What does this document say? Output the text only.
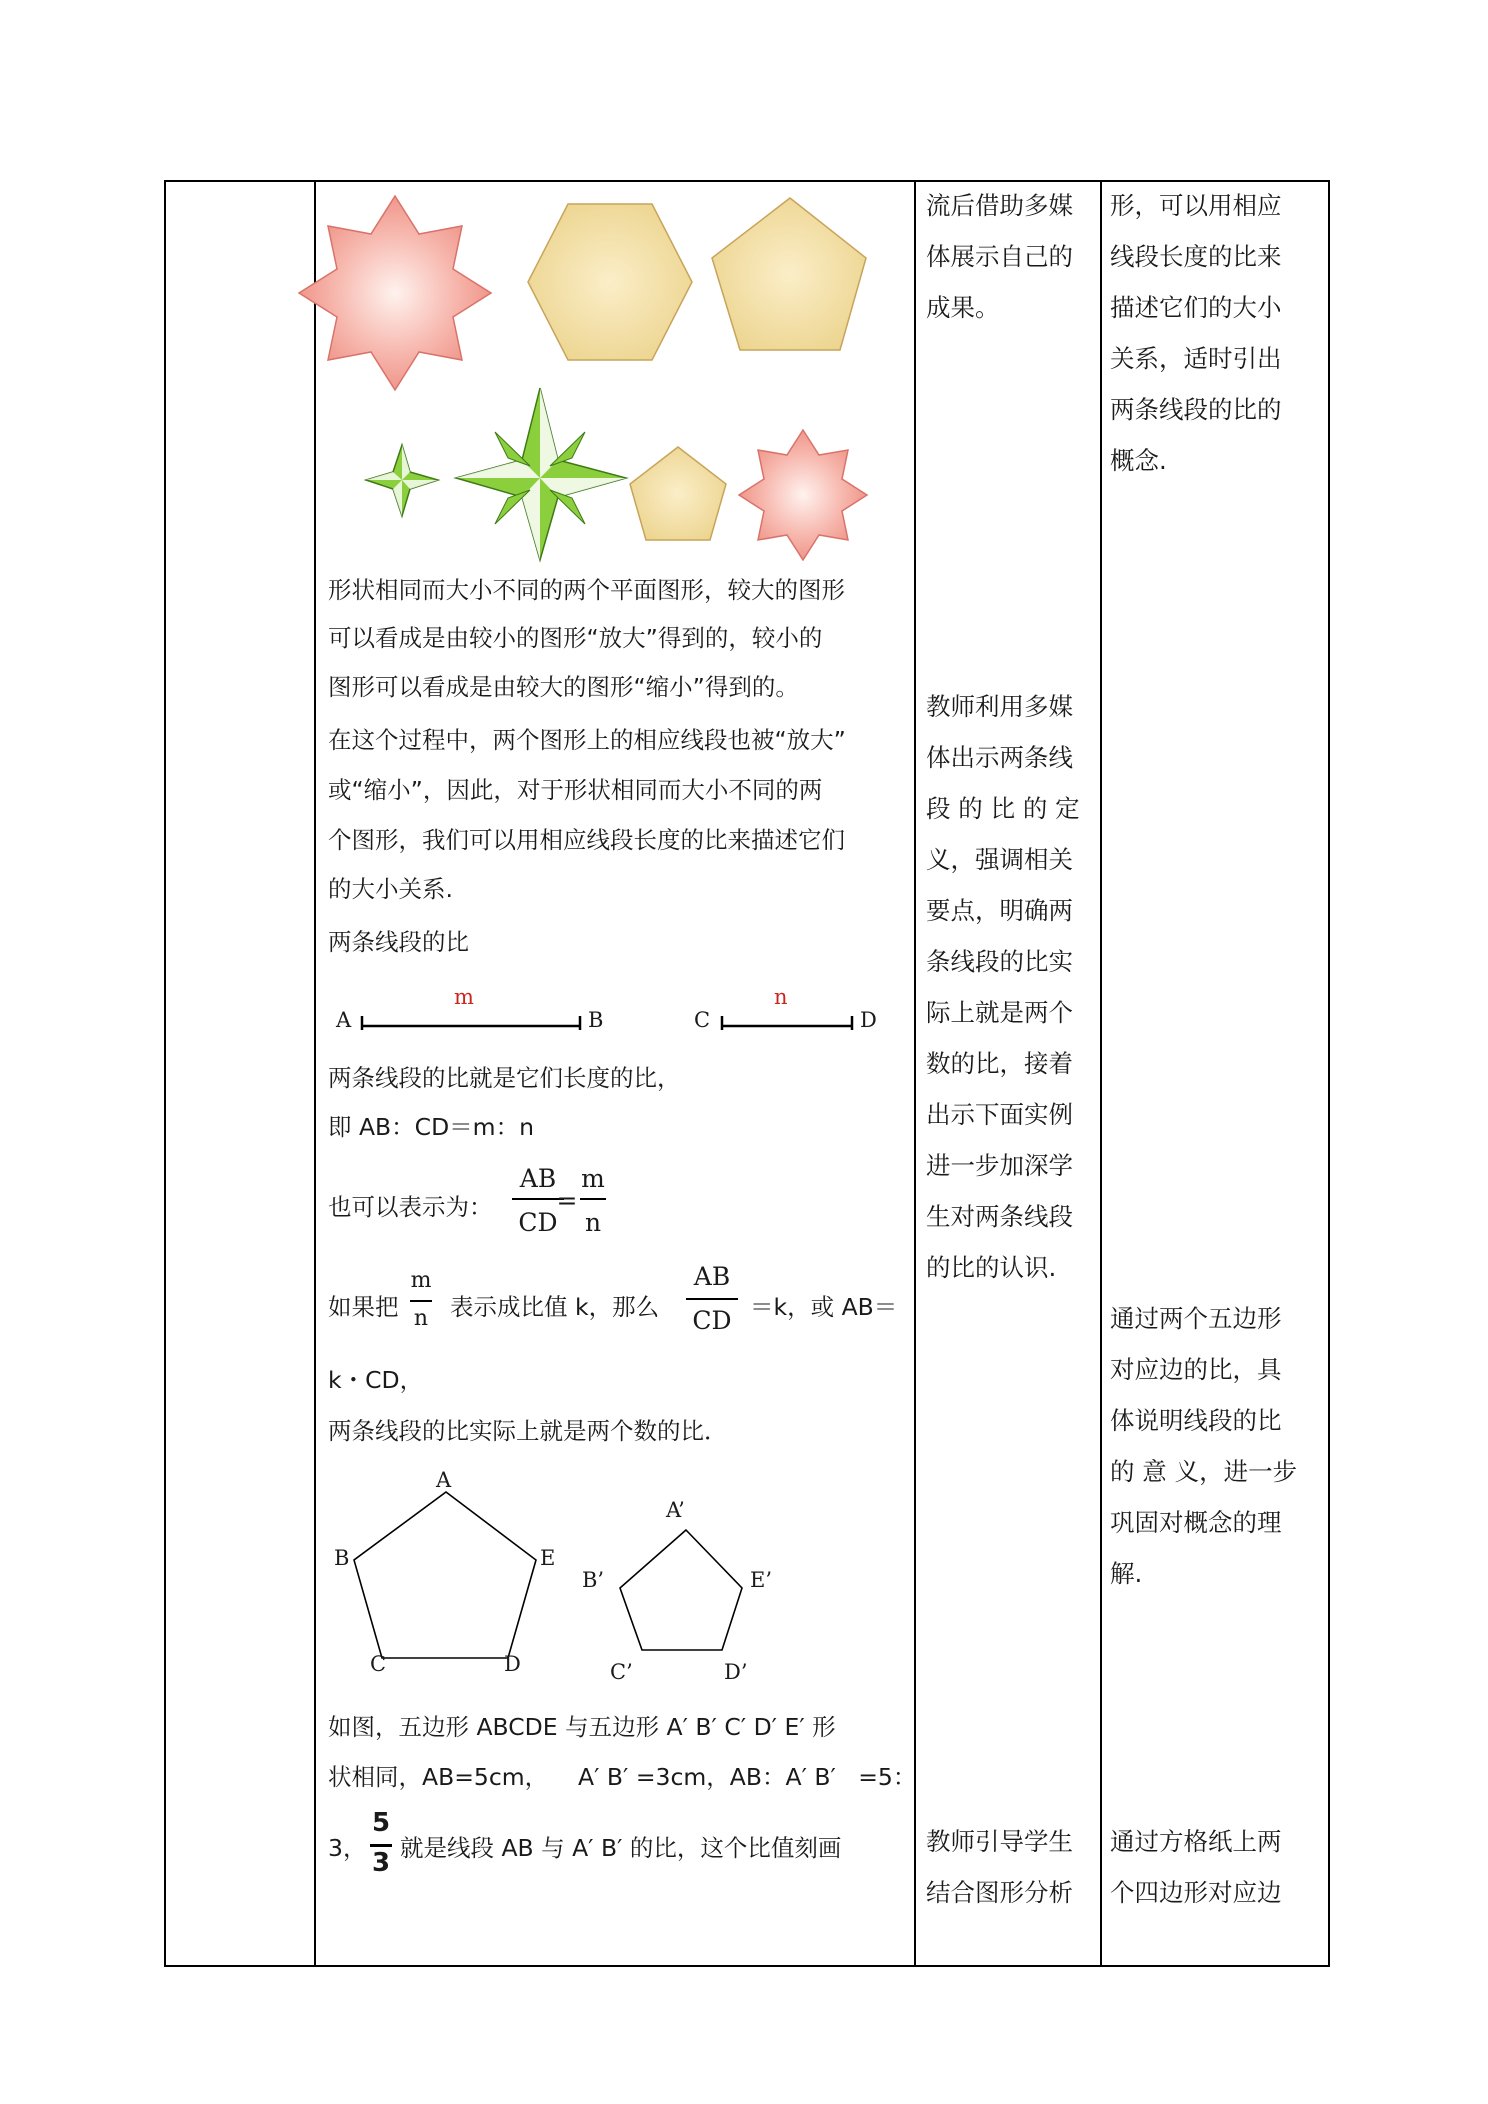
形状相同而大小不同的两个平面图形，较大的图形
可以看成是由较小的图形“放大”得到的，较小的
图形可以看成是由较大的图形“缩小”得到的。
在这个过程中，两个图形上的相应线段也被“放大”
或“缩小”，因此，对于形状相同而大小不同的两
个图形，我们可以用相应线段长度的比来描述它们
的大小关系.
两条线段的比
A
m
B	C
n
D
两条线段的比就是它们长度的比，
即 AB：CD＝m：n
也可以表示为：
AB
CD
=
m
n
如果把
m
n 表示成比值 k，那么
AB
CD ＝k，或 AB＝
k・CD，
两条线段的比实际上就是两个数的比．
A
B	E
C	D
A’
B’	E’
C’	D’
如图，五边形 ABCDE 与五边形 A′ B′ C′ D′ E′ 形
状相同，AB=5cm，    A′ B′ =3cm，AB：A′ B′   =5：
3，
5
3 就是线段 AB 与 A′ B′ 的比，这个比值刻画
流后借助多媒
体展示自己的
成果。
教师利用多媒
体出示两条线
段 的 比 的 定
义，强调相关
要点，明确两
条线段的比实
际上就是两个
数的比，接着
出示下面实例
进一步加深学
生对两条线段
的比的认识.
教师引导学生
结合图形分析
形，可以用相应
线段长度的比来
描述它们的大小
关系，适时引出
两条线段的比的
概念.
通过两个五边形
对应边的比，具
体说明线段的比
的 意 义，进一步
巩固对概念的理
解.
通过方格纸上两
个四边形对应边
